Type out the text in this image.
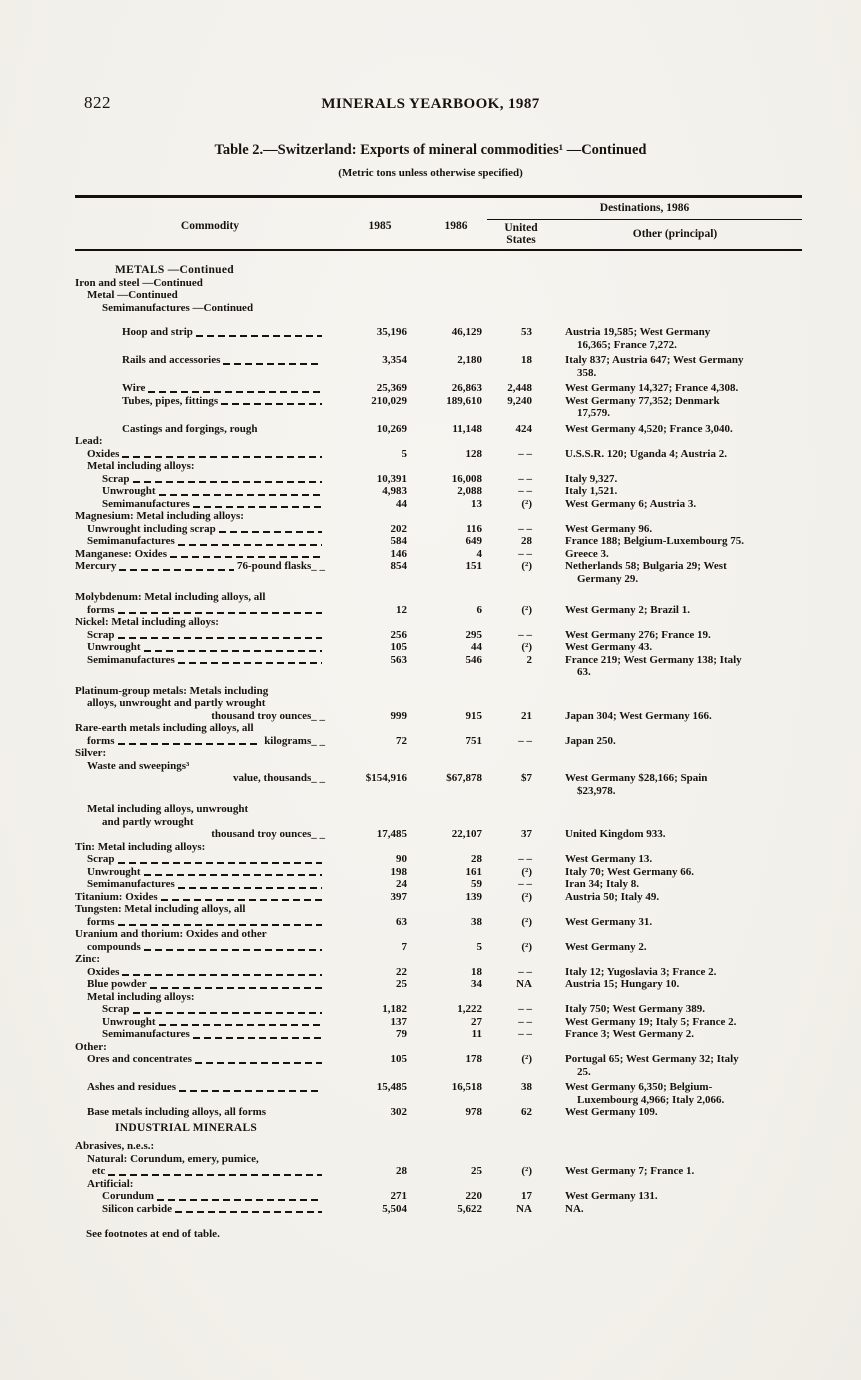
822	MINERALS YEARBOOK, 1987
Table 2.—Switzerland: Exports of mineral commodities¹ —Continued
(Metric tons unless otherwise specified)
Commodity	1985	1986
Destinations, 1986
United
States	Other (principal)
METALS —Continued
Iron and steel —Continued
Metal —Continued
Semimanufactures —Continued
Hoop and strip	35,196	46,129	53	Austria 19,585; West Germany
16,365; France 7,272.
Rails and accessories	3,354	2,180	18	Italy 837; Austria 647; West Germany
358.
Wire	25,369	26,863	2,448	West Germany 14,327; France 4,308.
Tubes, pipes, fittings	210,029	189,610	9,240	West Germany 77,352; Denmark
17,579.
Castings and forgings, rough	10,269	11,148	424	West Germany 4,520; France 3,040.
Lead:
Oxides	5	128	– –	U.S.S.R. 120; Uganda 4; Austria 2.
Metal including alloys:
Scrap	10,391	16,008	– –	Italy 9,327.
Unwrought	4,983	2,088	– –	Italy 1,521.
Semimanufactures	44	13	(²)	West Germany 6; Austria 3.
Magnesium: Metal including alloys:
Unwrought including scrap	202	116	– –	West Germany 96.
Semimanufactures	584	649	28	France 188; Belgium-Luxembourg 75.
Manganese: Oxides	146	4	– –	Greece 3.
Mercury	76-pound flasks_ _	854	151	(²)	Netherlands 58; Bulgaria 29; West
Germany 29.
Molybdenum: Metal including alloys, all
forms	12	6	(²)	West Germany 2; Brazil 1.
Nickel: Metal including alloys:
Scrap	256	295	– –	West Germany 276; France 19.
Unwrought	105	44	(²)	West Germany 43.
Semimanufactures	563	546	2	France 219; West Germany 138; Italy
63.
Platinum-group metals: Metals including
alloys, unwrought and partly wrought
thousand troy ounces_ _	999	915	21	Japan 304; West Germany 166.
Rare-earth metals including alloys, all
forms	kilograms_ _	72	751	– –	Japan 250.
Silver:
Waste and sweepings³
value, thousands_ _	$154,916	$67,878	$7	West Germany $28,166; Spain
$23,978.
Metal including alloys, unwrought
and partly wrought
thousand troy ounces_ _	17,485	22,107	37	United Kingdom 933.
Tin: Metal including alloys:
Scrap	90	28	– –	West Germany 13.
Unwrought	198	161	(²)	Italy 70; West Germany 66.
Semimanufactures	24	59	– –	Iran 34; Italy 8.
Titanium: Oxides	397	139	(²)	Austria 50; Italy 49.
Tungsten: Metal including alloys, all
forms	63	38	(²)	West Germany 31.
Uranium and thorium: Oxides and other
compounds	7	5	(²)	West Germany 2.
Zinc:
Oxides	22	18	– –	Italy 12; Yugoslavia 3; France 2.
Blue powder	25	34	NA	Austria 15; Hungary 10.
Metal including alloys:
Scrap	1,182	1,222	– –	Italy 750; West Germany 389.
Unwrought	137	27	– –	West Germany 19; Italy 5; France 2.
Semimanufactures	79	11	– –	France 3; West Germany 2.
Other:
Ores and concentrates	105	178	(²)	Portugal 65; West Germany 32; Italy
25.
Ashes and residues	15,485	16,518	38	West Germany 6,350; Belgium-
Luxembourg 4,966; Italy 2,066.
Base metals including alloys, all forms	302	978	62	West Germany 109.
INDUSTRIAL MINERALS
Abrasives, n.e.s.:
Natural: Corundum, emery, pumice,
etc	28	25	(²)	West Germany 7; France 1.
Artificial:
Corundum	271	220	17	West Germany 131.
Silicon carbide	5,504	5,622	NA	NA.
See footnotes at end of table.
